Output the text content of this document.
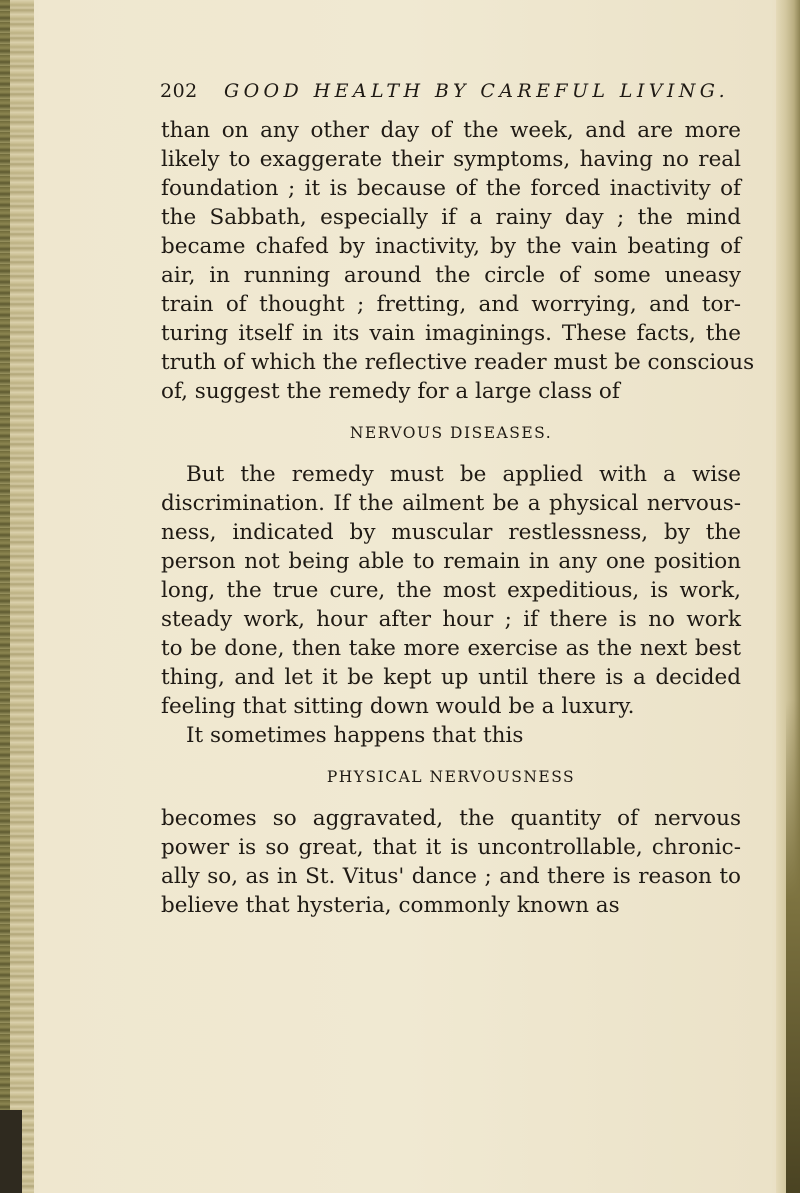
202 GOOD HEALTH BY CAREFUL LIVING.
than on any other day of the week, and are more
likely to exaggerate their symptoms, having no real
foundation ; it is because of the forced inactivity of
the Sabbath, especially if a rainy day ; the mind
became chafed by inactivity, by the vain beating of
air, in running around the circle of some uneasy
train of thought ; fretting, and worrying, and tor-
turing itself in its vain imaginings. These facts, the
truth of which the reflective reader must be conscious
of, suggest the remedy for a large class of
NERVOUS DISEASES.
But the remedy must be applied with a wise
discrimination. If the ailment be a physical nervous-
ness, indicated by muscular restlessness, by the
person not being able to remain in any one position
long, the true cure, the most expeditious, is work,
steady work, hour after hour ; if there is no work
to be done, then take more exercise as the next best
thing, and let it be kept up until there is a decided
feeling that sitting down would be a luxury.
It sometimes happens that this
PHYSICAL NERVOUSNESS
becomes so aggravated, the quantity of nervous
power is so great, that it is uncontrollable, chronic-
ally so, as in St. Vitus' dance ; and there is reason to
believe that hysteria, commonly known as
